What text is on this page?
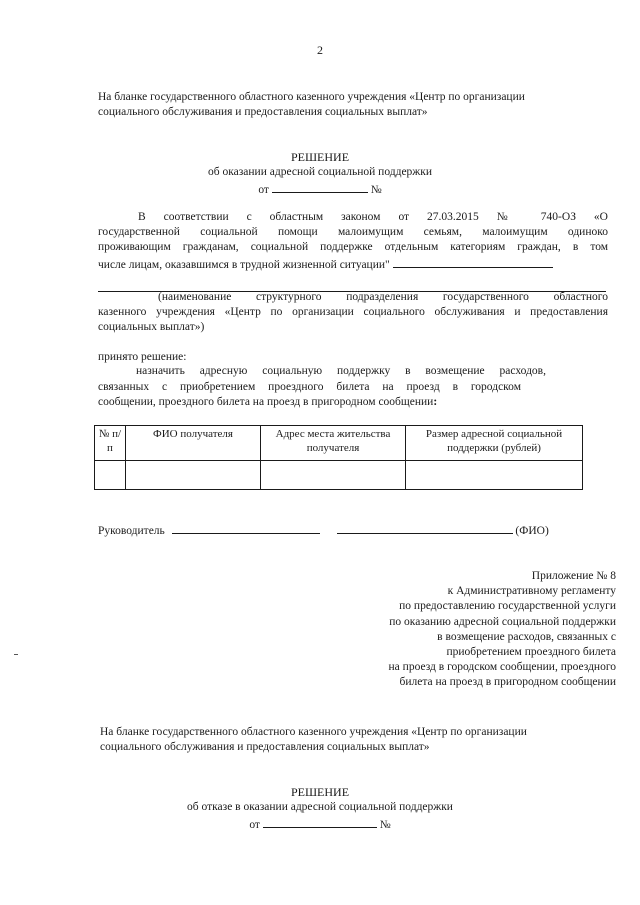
2
На бланке государственного областного казенного учреждения «Центр по организации
социального обслуживания и предоставления социальных выплат»
РЕШЕНИЕ
об оказании адресной социальной поддержки
от	№
В соответствии с областным законом от 27.03.2015 № 740-ОЗ «О
государственной социальной помощи малоимущим семьям, малоимущим одиноко
проживающим гражданам, социальной поддержке отдельным категориям граждан, в том
числе лицам, оказавшимся в трудной жизненной ситуации"
(наименование структурного подразделения государственного областного
казенного учреждения «Центр по организации социального обслуживания и предоставления
социальных выплат»)
принято решение:
назначить адресную социальную поддержку в возмещение расходов,
связанных с приобретением проездного билета на проезд в городском
сообщении, проездного билета на проезд в пригородном сообщении:
№ п/п	ФИО получателя	Адрес места жительства получателя	Размер адресной социальной поддержки (рублей)

Руководитель	(ФИО)
Приложение № 8
к Административному регламенту
по предоставлению государственной услуги
по оказанию адресной социальной поддержки
в возмещение расходов, связанных с
приобретением проездного билета
на проезд в городском сообщении, проездного
билета на проезд в пригородном сообщении
На бланке государственного областного казенного учреждения «Центр по организации
социального обслуживания и предоставления социальных выплат»
РЕШЕНИЕ
об отказе в оказании адресной социальной поддержки
от	№
